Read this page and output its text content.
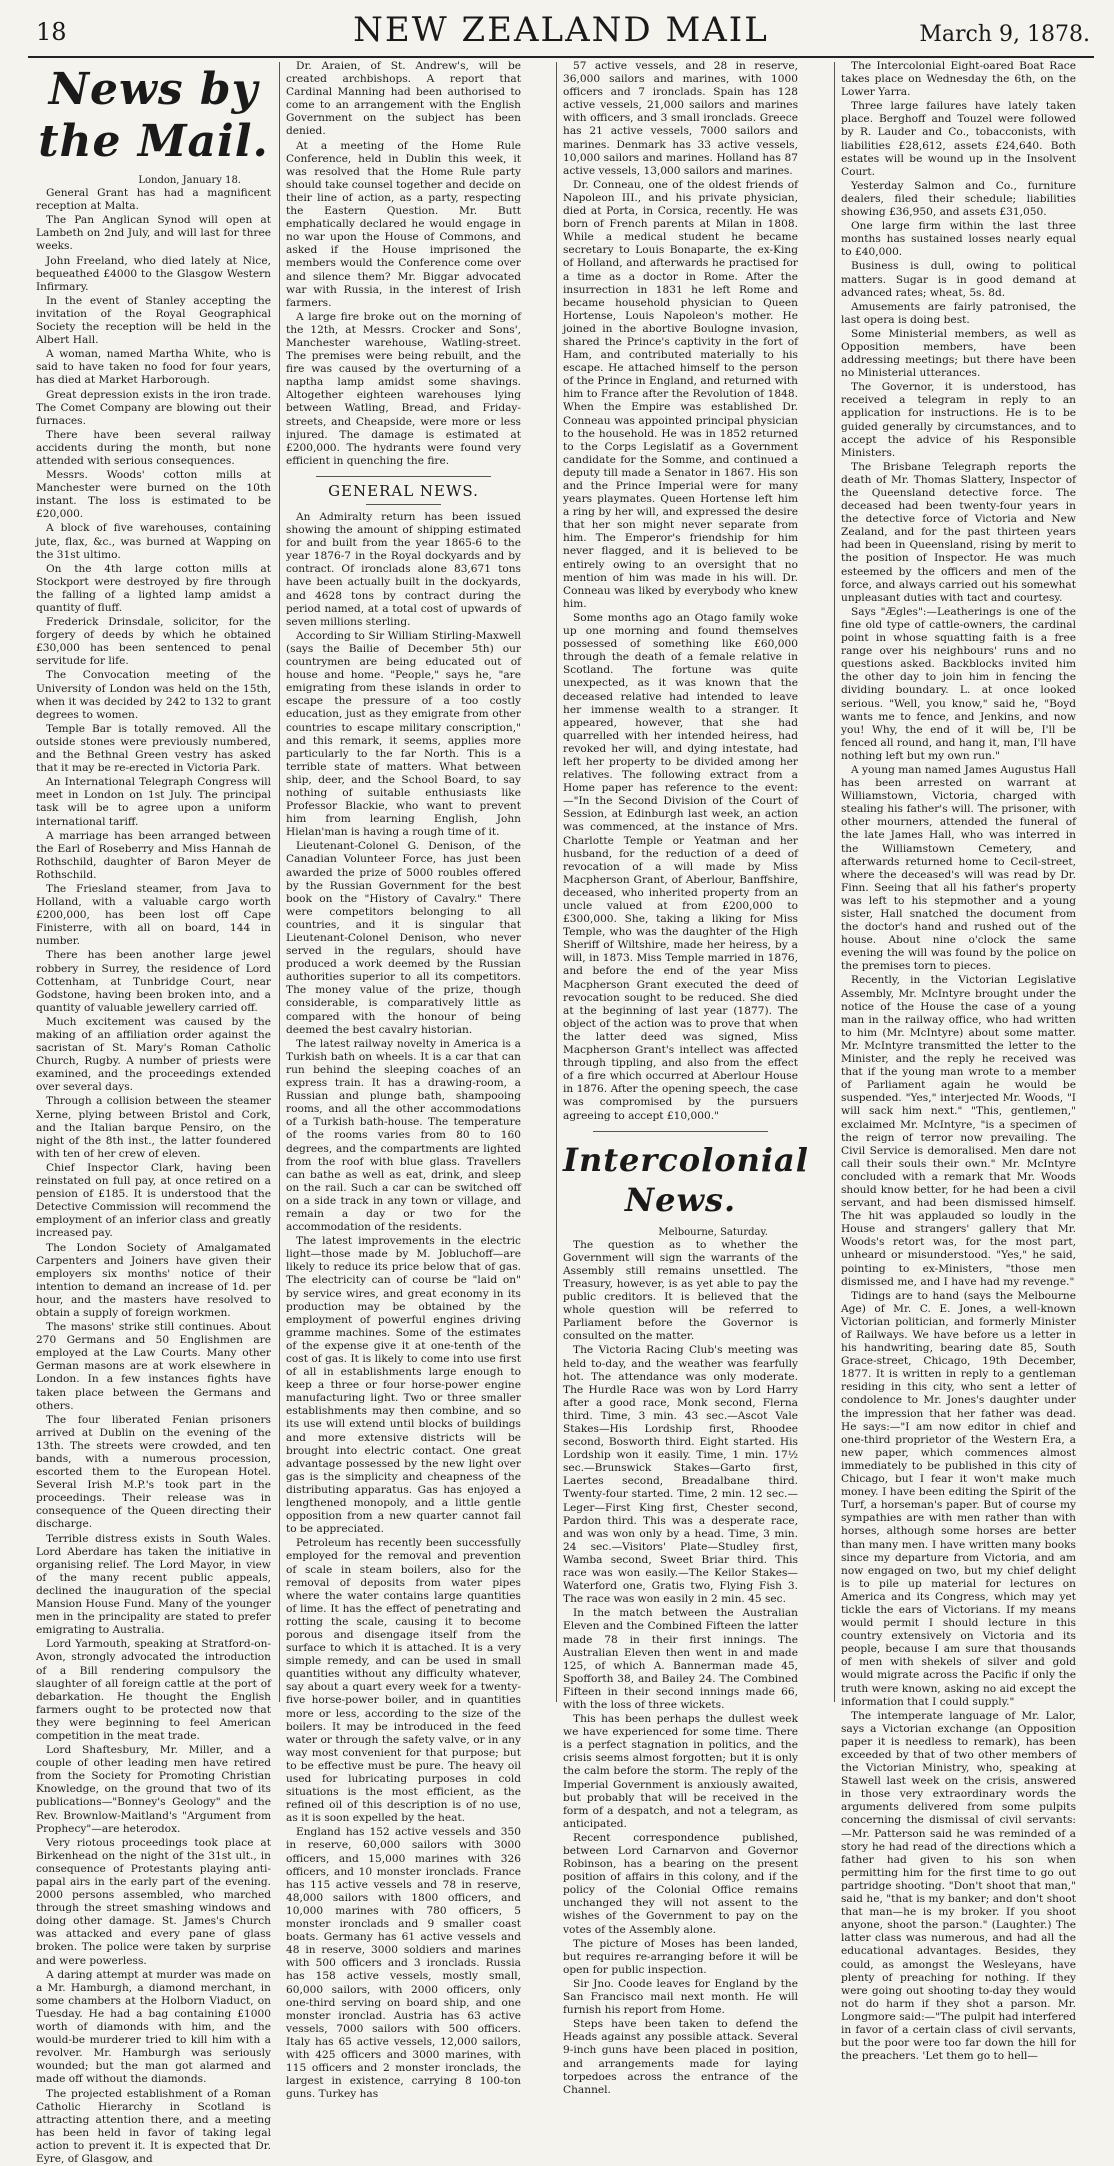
18	NEW ZEALAND MAIL	March 9, 1878.
News by the Mail.
London, January 18.

General Grant has had a magnificent reception at Malta.

The Pan Anglican Synod will open at Lambeth on 2nd July, and will last for three weeks.

John Freeland, who died lately at Nice, bequeathed £4000 to the Glasgow Western Infirmary.

In the event of Stanley accepting the invitation of the Royal Geographical Society the reception will be held in the Albert Hall.

A woman, named Martha White, who is said to have taken no food for four years, has died at Market Harborough.

Great depression exists in the iron trade. The Comet Company are blowing out their furnaces.

There have been several railway accidents during the month, but none attended with serious consequences.

Messrs. Woods' cotton mills at Manchester were burned on the 10th instant. The loss is estimated to be £20,000.

A block of five warehouses, containing jute, flax, &c., was burned at Wapping on the 31st ultimo.

On the 4th large cotton mills at Stockport were destroyed by fire through the falling of a lighted lamp amidst a quantity of fluff.

Frederick Drinsdale, solicitor, for the forgery of deeds by which he obtained £30,000 has been sentenced to penal servitude for life.

The Convocation meeting of the University of London was held on the 15th, when it was decided by 242 to 132 to grant degrees to women.

Temple Bar is totally removed. All the outside stones were previously numbered, and the Bethnal Green vestry has asked that it may be re-erected in Victoria Park.

An International Telegraph Congress will meet in London on 1st July. The principal task will be to agree upon a uniform international tariff.

A marriage has been arranged between the Earl of Roseberry and Miss Hannah de Rothschild, daughter of Baron Meyer de Rothschild.

The Friesland steamer, from Java to Holland, with a valuable cargo worth £200,000, has been lost off Cape Finisterre, with all on board, 144 in number.

There has been another large jewel robbery in Surrey, the residence of Lord Cottenham, at Tunbridge Court, near Godstone, having been broken into, and a quantity of valuable jewellery carried off.

Much excitement was caused by the making of an affiliation order against the sacristan of St. Mary's Roman Catholic Church, Rugby. A number of priests were examined, and the proceedings extended over several days.

Through a collision between the steamer Xerne, plying between Bristol and Cork, and the Italian barque Pensiro, on the night of the 8th inst., the latter foundered with ten of her crew of eleven.

Chief Inspector Clark, having been reinstated on full pay, at once retired on a pension of £185. It is understood that the Detective Commission will recommend the employment of an inferior class and greatly increased pay.

The London Society of Amalgamated Carpenters and Joiners have given their employers six months' notice of their intention to demand an increase of 1d. per hour, and the masters have resolved to obtain a supply of foreign workmen.

The masons' strike still continues. About 270 Germans and 50 Englishmen are employed at the Law Courts. Many other German masons are at work elsewhere in London. In a few instances fights have taken place between the Germans and others.

The four liberated Fenian prisoners arrived at Dublin on the evening of the 13th. The streets were crowded, and ten bands, with a numerous procession, escorted them to the European Hotel. Several Irish M.P.'s took part in the proceedings. Their release was in consequence of the Queen directing their discharge.

Terrible distress exists in South Wales. Lord Aberdare has taken the initiative in organising relief. The Lord Mayor, in view of the many recent public appeals, declined the inauguration of the special Mansion House Fund. Many of the younger men in the principality are stated to prefer emigrating to Australia.

Lord Yarmouth, speaking at Stratford-on-Avon, strongly advocated the introduction of a Bill rendering compulsory the slaughter of all foreign cattle at the port of debarkation. He thought the English farmers ought to be protected now that they were beginning to feel American competition in the meat trade.

Lord Shaftesbury, Mr. Miller, and a couple of other leading men have retired from the Society for Promoting Christian Knowledge, on the ground that two of its publications—"Bonney's Geology" and the Rev. Brownlow-Maitland's "Argument from Prophecy"—are heterodox.

Very riotous proceedings took place at Birkenhead on the night of the 31st ult., in consequence of Protestants playing anti-papal airs in the early part of the evening. 2000 persons assembled, who marched through the street smashing windows and doing other damage. St. James's Church was attacked and every pane of glass broken. The police were taken by surprise and were powerless.

A daring attempt at murder was made on a Mr. Hamburgh, a diamond merchant, in some chambers at the Holborn Viaduct, on Tuesday. He had a bag containing £1000 worth of diamonds with him, and the would-be murderer tried to kill him with a revolver. Mr. Hamburgh was seriously wounded; but the man got alarmed and made off without the diamonds.

The projected establishment of a Roman Catholic Hierarchy in Scotland is attracting attention there, and a meeting has been held in favor of taking legal action to prevent it. It is expected that Dr. Eyre, of Glasgow, and

Dr. Araien, of St. Andrew's, will be created archbishops. A report that Cardinal Manning had been authorised to come to an arrangement with the English Government on the subject has been denied.

At a meeting of the Home Rule Conference, held in Dublin this week, it was resolved that the Home Rule party should take counsel together and decide on their line of action, as a party, respecting the Eastern Question. Mr. Butt emphatically declared he would engage in no war upon the House of Commons, and asked if the House imprisoned the members would the Conference come over and silence them? Mr. Biggar advocated war with Russia, in the interest of Irish farmers.

A large fire broke out on the morning of the 12th, at Messrs. Crocker and Sons', Manchester warehouse, Watling-street. The premises were being rebuilt, and the fire was caused by the overturning of a naptha lamp amidst some shavings. Altogether eighteen warehouses lying between Watling, Bread, and Friday-streets, and Cheapside, were more or less injured. The damage is estimated at £200,000. The hydrants were found very efficient in quenching the fire.

GENERAL NEWS.

An Admiralty return has been issued showing the amount of shipping estimated for and built from the year 1865-6 to the year 1876-7 in the Royal dockyards and by contract. Of ironclads alone 83,671 tons have been actually built in the dockyards, and 4628 tons by contract during the period named, at a total cost of upwards of seven millions sterling.

According to Sir William Stirling-Maxwell (says the Bailie of December 5th) our countrymen are being educated out of house and home. "People," says he, "are emigrating from these islands in order to escape the pressure of a too costly education, just as they emigrate from other countries to escape military conscription," and this remark, it seems, applies more particularly to the far North. This is a terrible state of matters. What between ship, deer, and the School Board, to say nothing of suitable enthusiasts like Professor Blackie, who want to prevent him from learning English, John Hielan'man is having a rough time of it.

Lieutenant-Colonel G. Denison, of the Canadian Volunteer Force, has just been awarded the prize of 5000 roubles offered by the Russian Government for the best book on the "History of Cavalry." There were competitors belonging to all countries, and it is singular that Lieutenant-Colonel Denison, who never served in the regulars, should have produced a work deemed by the Russian authorities superior to all its competitors. The money value of the prize, though considerable, is comparatively little as compared with the honour of being deemed the best cavalry historian.

The latest railway novelty in America is a Turkish bath on wheels. It is a car that can run behind the sleeping coaches of an express train. It has a drawing-room, a Russian and plunge bath, shampooing rooms, and all the other accommodations of a Turkish bath-house. The temperature of the rooms varies from 80 to 160 degrees, and the compartments are lighted from the roof with blue glass. Travellers can bathe as well as eat, drink, and sleep on the rail. Such a car can be switched off on a side track in any town or village, and remain a day or two for the accommodation of the residents.

The latest improvements in the electric light—those made by M. Jobluchoff—are likely to reduce its price below that of gas. The electricity can of course be "laid on" by service wires, and great economy in its production may be obtained by the employment of powerful engines driving gramme machines. Some of the estimates of the expense give it at one-tenth of the cost of gas. It is likely to come into use first of all in establishments large enough to keep a three or four horse-power engine manufacturing light. Two or three smaller establishments may then combine, and so its use will extend until blocks of buildings and more extensive districts will be brought into electric contact. One great advantage possessed by the new light over gas is the simplicity and cheapness of the distributing apparatus. Gas has enjoyed a lengthened monopoly, and a little gentle opposition from a new quarter cannot fail to be appreciated.

Petroleum has recently been successfully employed for the removal and prevention of scale in steam boilers, also for the removal of deposits from water pipes where the water contains large quantities of lime. It has the effect of penetrating and rotting the scale, causing it to become porous and disengage itself from the surface to which it is attached. It is a very simple remedy, and can be used in small quantities without any difficulty whatever, say about a quart every week for a twenty-five horse-power boiler, and in quantities more or less, according to the size of the boilers. It may be introduced in the feed water or through the safety valve, or in any way most convenient for that purpose; but to be effective must be pure. The heavy oil used for lubricating purposes in cold situations is the most efficient, as the refined oil of this description is of no use, as it is soon expelled by the heat.

England has 152 active vessels and 350 in reserve, 60,000 sailors with 3000 officers, and 15,000 marines with 326 officers, and 10 monster ironclads. France has 115 active vessels and 78 in reserve, 48,000 sailors with 1800 officers, and 10,000 marines with 780 officers, 5 monster ironclads and 9 smaller coast boats. Germany has 61 active vessels and 48 in reserve, 3000 soldiers and marines with 500 officers and 3 ironclads. Russia has 158 active vessels, mostly small, 60,000 sailors, with 2000 officers, only one-third serving on board ship, and one monster ironclad. Austria has 63 active vessels, 7000 sailors with 500 officers. Italy has 65 active vessels, 12,000 sailors, with 425 officers and 3000 marines, with 115 officers and 2 monster ironclads, the largest in existence, carrying 8 100-ton guns. Turkey has

57 active vessels, and 28 in reserve, 36,000 sailors and marines, with 1000 officers and 7 ironclads. Spain has 128 active vessels, 21,000 sailors and marines with officers, and 3 small ironclads. Greece has 21 active vessels, 7000 sailors and marines. Denmark has 33 active vessels, 10,000 sailors and marines. Holland has 87 active vessels, 13,000 sailors and marines.

Dr. Conneau, one of the oldest friends of Napoleon III., and his private physician, died at Porta, in Corsica, recently. He was born of French parents at Milan in 1808. While a medical student he became secretary to Louis Bonaparte, the ex-King of Holland, and afterwards he practised for a time as a doctor in Rome. After the insurrection in 1831 he left Rome and became household physician to Queen Hortense, Louis Napoleon's mother. He joined in the abortive Boulogne invasion, shared the Prince's captivity in the fort of Ham, and contributed materially to his escape. He attached himself to the person of the Prince in England, and returned with him to France after the Revolution of 1848. When the Empire was established Dr. Conneau was appointed principal physician to the household. He was in 1852 returned to the Corps Legislatif as a Government candidate for the Somme, and continued a deputy till made a Senator in 1867. His son and the Prince Imperial were for many years playmates. Queen Hortense left him a ring by her will, and expressed the desire that her son might never separate from him. The Emperor's friendship for him never flagged, and it is believed to be entirely owing to an oversight that no mention of him was made in his will. Dr. Conneau was liked by everybody who knew him.

Some months ago an Otago family woke up one morning and found themselves possessed of something like £60,000 through the death of a female relative in Scotland. The fortune was quite unexpected, as it was known that the deceased relative had intended to leave her immense wealth to a stranger. It appeared, however, that she had quarrelled with her intended heiress, had revoked her will, and dying intestate, had left her property to be divided among her relatives. The following extract from a Home paper has reference to the event:—"In the Second Division of the Court of Session, at Edinburgh last week, an action was commenced, at the instance of Mrs. Charlotte Temple or Yeatman and her husband, for the reduction of a deed of revocation of a will made by Miss Macpherson Grant, of Aberlour, Banffshire, deceased, who inherited property from an uncle valued at from £200,000 to £300,000. She, taking a liking for Miss Temple, who was the daughter of the High Sheriff of Wiltshire, made her heiress, by a will, in 1873. Miss Temple married in 1876, and before the end of the year Miss Macpherson Grant executed the deed of revocation sought to be reduced. She died at the beginning of last year (1877). The object of the action was to prove that when the latter deed was signed, Miss Macpherson Grant's intellect was affected through tippling, and also from the effect of a fire which occurred at Aberlour House in 1876. After the opening speech, the case was compromised by the pursuers agreeing to accept £10,000."

Intercolonial News.
Melbourne, Saturday.

The question as to whether the Government will sign the warrants of the Assembly still remains unsettled. The Treasury, however, is as yet able to pay the public creditors. It is believed that the whole question will be referred to Parliament before the Governor is consulted on the matter.

The Victoria Racing Club's meeting was held to-day, and the weather was fearfully hot. The attendance was only moderate. The Hurdle Race was won by Lord Harry after a good race, Monk second, Flerna third. Time, 3 min. 43 sec.—Ascot Vale Stakes—His Lordship first, Rhoodee second, Bosworth third. Eight started. His Lordship won it easily. Time, 1 min. 17½ sec.—Brunswick Stakes—Garto first, Laertes second, Breadalbane third. Twenty-four started. Time, 2 min. 12 sec.—Leger—First King first, Chester second, Pardon third. This was a desperate race, and was won only by a head. Time, 3 min. 24 sec.—Visitors' Plate—Studley first, Wamba second, Sweet Briar third. This race was won easily.—The Keilor Stakes—Waterford one, Gratis two, Flying Fish 3. The race was won easily in 2 min. 45 sec.

In the match between the Australian Eleven and the Combined Fifteen the latter made 78 in their first innings. The Australian Eleven then went in and made 125, of which A. Bannerman made 45, Spofforth 38, and Bailey 24. The Combined Fifteen in their second innings made 66, with the loss of three wickets.

This has been perhaps the dullest week we have experienced for some time. There is a perfect stagnation in politics, and the crisis seems almost forgotten; but it is only the calm before the storm. The reply of the Imperial Government is anxiously awaited, but probably that will be received in the form of a despatch, and not a telegram, as anticipated.

Recent correspondence published, between Lord Carnarvon and Governor Robinson, has a bearing on the present position of affairs in this colony, and if the policy of the Colonial Office remains unchanged they will not assent to the wishes of the Government to pay on the votes of the Assembly alone.

The picture of Moses has been landed, but requires re-arranging before it will be open for public inspection.

Sir Jno. Coode leaves for England by the San Francisco mail next month. He will furnish his report from Home.

Steps have been taken to defend the Heads against any possible attack. Several 9-inch guns have been placed in position, and arrangements made for laying torpedoes across the entrance of the Channel.

The Intercolonial Eight-oared Boat Race takes place on Wednesday the 6th, on the Lower Yarra.

Three large failures have lately taken place. Berghoff and Touzel were followed by R. Lauder and Co., tobacconists, with liabilities £28,612, assets £24,640. Both estates will be wound up in the Insolvent Court.

Yesterday Salmon and Co., furniture dealers, filed their schedule; liabilities showing £36,950, and assets £31,050.

One large firm within the last three months has sustained losses nearly equal to £40,000.

Business is dull, owing to political matters. Sugar is in good demand at advanced rates; wheat, 5s. 8d.

Amusements are fairly patronised, the last opera is doing best.

Some Ministerial members, as well as Opposition members, have been addressing meetings; but there have been no Ministerial utterances.

The Governor, it is understood, has received a telegram in reply to an application for instructions. He is to be guided generally by circumstances, and to accept the advice of his Responsible Ministers.

The Brisbane Telegraph reports the death of Mr. Thomas Slattery, Inspector of the Queensland detective force. The deceased had been twenty-four years in the detective force of Victoria and New Zealand, and for the past thirteen years had been in Queensland, rising by merit to the position of Inspector. He was much esteemed by the officers and men of the force, and always carried out his somewhat unpleasant duties with tact and courtesy.

Says "Ægles":—Leatherings is one of the fine old type of cattle-owners, the cardinal point in whose squatting faith is a free range over his neighbours' runs and no questions asked. Backblocks invited him the other day to join him in fencing the dividing boundary. L. at once looked serious. "Well, you know," said he, "Boyd wants me to fence, and Jenkins, and now you! Why, the end of it will be, I'll be fenced all round, and hang it, man, I'll have nothing left but my own run."

A young man named James Augustus Hall has been arrested on warrant at Williamstown, Victoria, charged with stealing his father's will. The prisoner, with other mourners, attended the funeral of the late James Hall, who was interred in the Williamstown Cemetery, and afterwards returned home to Cecil-street, where the deceased's will was read by Dr. Finn. Seeing that all his father's property was left to his stepmother and a young sister, Hall snatched the document from the doctor's hand and rushed out of the house. About nine o'clock the same evening the will was found by the police on the premises torn to pieces.

Recently, in the Victorian Legislative Assembly, Mr. McIntyre brought under the notice of the House the case of a young man in the railway office, who had written to him (Mr. McIntyre) about some matter. Mr. McIntyre transmitted the letter to the Minister, and the reply he received was that if the young man wrote to a member of Parliament again he would be suspended. "Yes," interjected Mr. Woods, "I will sack him next." "This, gentlemen," exclaimed Mr. McIntyre, "is a specimen of the reign of terror now prevailing. The Civil Service is demoralised. Men dare not call their souls their own." Mr. McIntyre concluded with a remark that Mr. Woods should know better, for he had been a civil servant, and had been dismissed himself. The hit was applauded so loudly in the House and strangers' gallery that Mr. Woods's retort was, for the most part, unheard or misunderstood. "Yes," he said, pointing to ex-Ministers, "those men dismissed me, and I have had my revenge."

Tidings are to hand (says the Melbourne Age) of Mr. C. E. Jones, a well-known Victorian politician, and formerly Minister of Railways. We have before us a letter in his handwriting, bearing date 85, South Grace-street, Chicago, 19th December, 1877. It is written in reply to a gentleman residing in this city, who sent a letter of condolence to Mr. Jones's daughter under the impression that her father was dead. He says:—"I am now editor in chief and one-third proprietor of the Western Era, a new paper, which commences almost immediately to be published in this city of Chicago, but I fear it won't make much money. I have been editing the Spirit of the Turf, a horseman's paper. But of course my sympathies are with men rather than with horses, although some horses are better than many men. I have written many books since my departure from Victoria, and am now engaged on two, but my chief delight is to pile up material for lectures on America and its Congress, which may yet tickle the ears of Victorians. If my means would permit I should lecture in this country extensively on Victoria and its people, because I am sure that thousands of men with shekels of silver and gold would migrate across the Pacific if only the truth were known, asking no aid except the information that I could supply."

The intemperate language of Mr. Lalor, says a Victorian exchange (an Opposition paper it is needless to remark), has been exceeded by that of two other members of the Victorian Ministry, who, speaking at Stawell last week on the crisis, answered in those very extraordinary words the arguments delivered from some pulpits concerning the dismissal of civil servants:—Mr. Patterson said he was reminded of a story he had read of the directions which a father had given to his son when permitting him for the first time to go out partridge shooting. "Don't shoot that man," said he, "that is my banker; and don't shoot that man—he is my broker. If you shoot anyone, shoot the parson." (Laughter.) The latter class was numerous, and had all the educational advantages. Besides, they could, as amongst the Wesleyans, have plenty of preaching for nothing. If they were going out shooting to-day they would not do harm if they shot a parson. Mr. Longmore said:—"The pulpit had interfered in favor of a certain class of civil servants, but the poor were too far down the hill for the preachers. 'Let them go to hell—
